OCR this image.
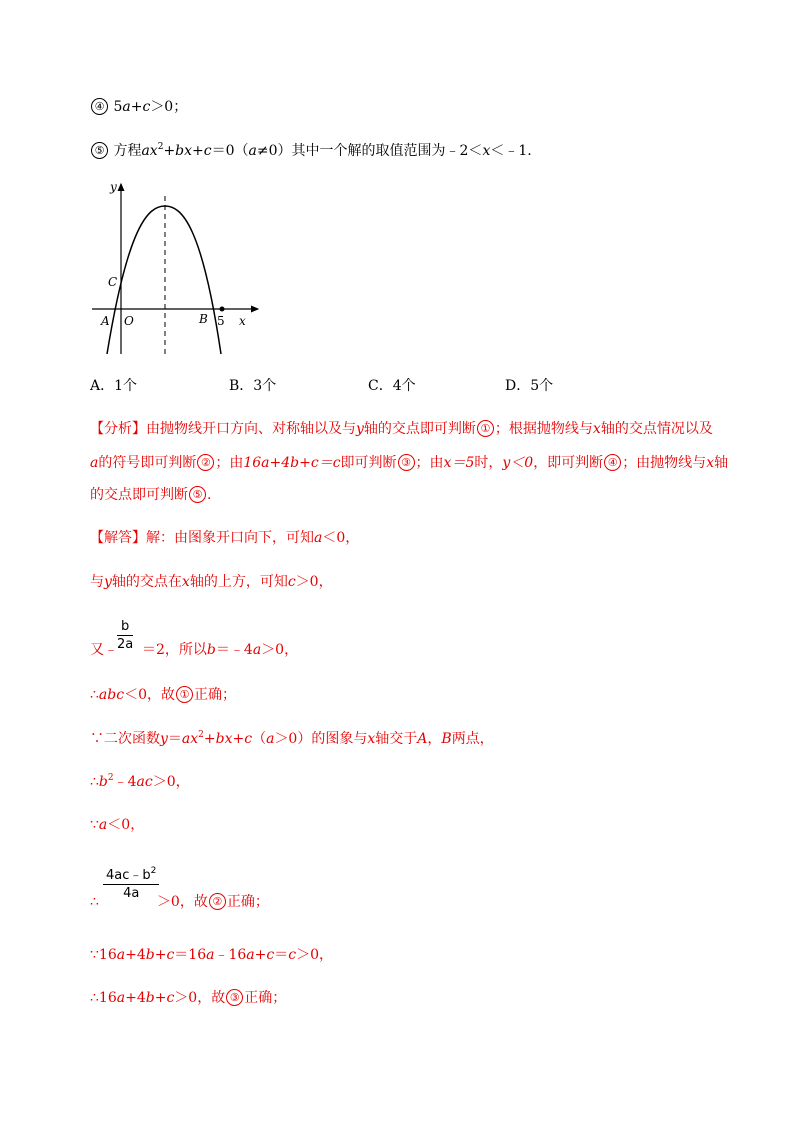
④ 5a+c＞0；
⑤ 方程$ax^2+bx+c=0(a\ne 0)$其中一个解的取值范围为﹣2＜x＜﹣1.
y
x
C
A O	B 5
A．1个	B．3个	C．4个	D．5个
【分析】由抛物线开口方向、对称轴以及与y轴的交点即可判断 ① ；根据抛物线与x轴的交点情况以及
a的符号即可判断 ② ；由16a+4b+c＝c即可判断 ③ ；由x＝5时，y＜0，即可判断 ④ ；由抛物线与x轴
的交点即可判断 ⑤ .
【解答】解：由图象开口向下，可知a＜0，
与y轴的交点在x轴的上方，可知c＞0，
b
2a
又﹣ ＝2，所以b＝﹣4a＞0，
∴abc＜0，故 ① 正确；
∵二次函数$y=ax^2+bx+c(a>0)$的图象与x轴交于A，B两点，
$\therefore b^2﹣4ac>0$，
∵a＜0，
$4ac﹣b^2$
4a
∴	＞0，故 ② 正确；
∵16a+4b+c＝16a﹣16a+c＝c＞0，
∴16a+4b+c＞0，故 ③ 正确；
